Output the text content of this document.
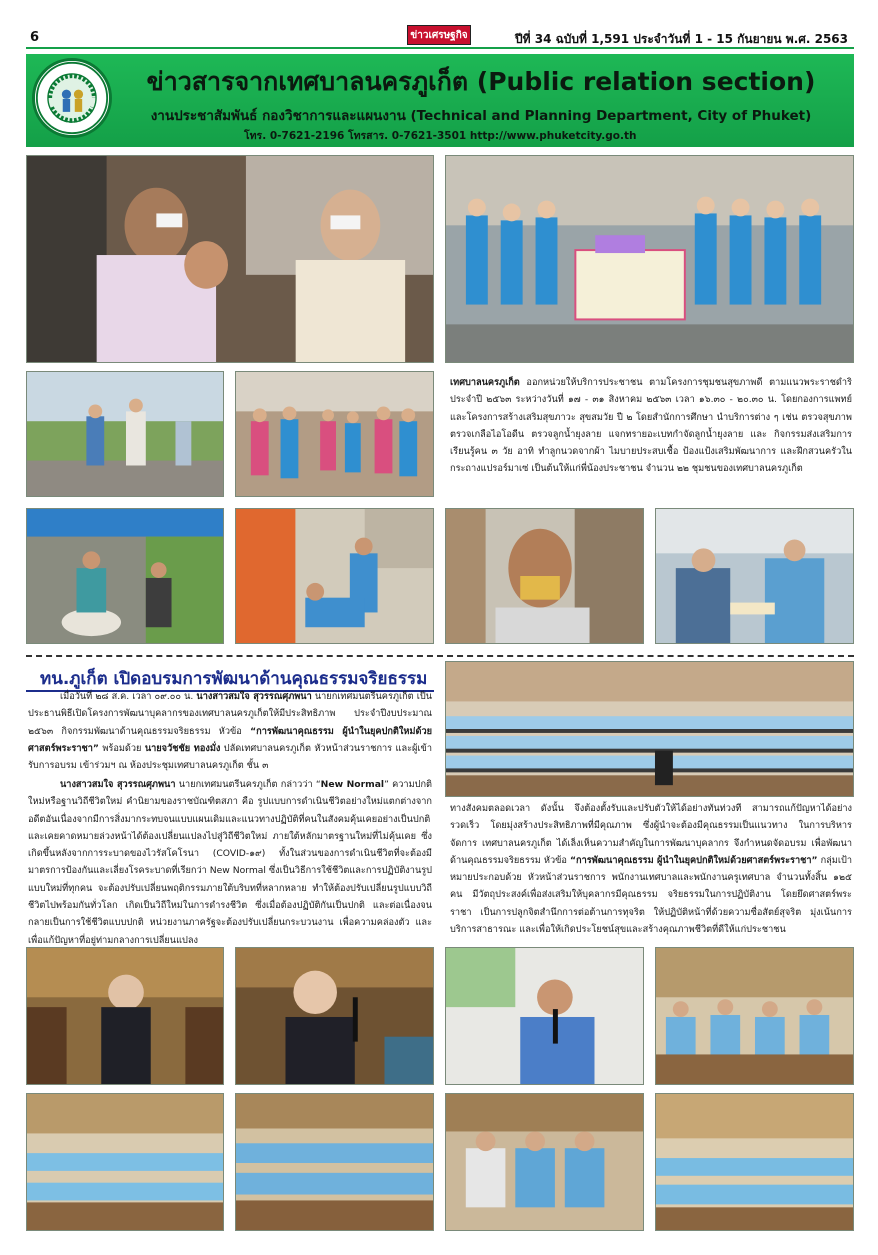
6	ข่าวเศรษฐกิจ	ปีที่ 34 ฉบับที่ 1,591 ประจำวันที่ 1 - 15 กันยายน พ.ศ. 2563
ข่าวสารจากเทศบาลนครภูเก็ต (Public relation section)
งานประชาสัมพันธ์ กองวิชาการและแผนงาน (Technical and Planning Department, City of Phuket)
โทร. 0-7621-2196 โทรสาร. 0-7621-3501 http://www.phuketcity.go.th
เทศบาลนครภูเก็ต ออกหน่วยให้บริการประชาชน ตามโครงการชุมชนสุขภาพดี ตามแนวพระราชดำริ ประจำปี ๒๕๖๓ ระหว่างวันที่ ๑๗ - ๓๑ สิงหาคม ๒๕๖๓ เวลา ๑๖.๓๐ - ๒๐.๓๐ น. โดยกองการแพทย์ และโครงการสร้างเสริมสุขภาวะ สุขสมวัย ปี ๒ โดยสำนักการศึกษา นำบริการต่าง ๆ เช่น ตรวจสุขภาพ ตรวจเกลือไอโอดีน ตรวจลูกน้ำยุงลาย แจกทรายอะเบทกำจัดลูกน้ำยุงลาย และ กิจกรรมส่งเสริมการเรียนรู้คน ๓ วัย อาทิ ทำลูกนวดจากผ้า ไมบายประสบเชื้อ ป้องแป้งเสริมพัฒนาการ และฝึกสวนครัวในกระถางแปรอร์มาเซ่ เป็นต้นให้แก่พี่น้องประชาชน จำนวน ๒๒ ชุมชนของเทศบาลนครภูเก็ต
ทน.ภูเก็ต เปิดอบรมการพัฒนาด้านคุณธรรมจริยธรรม
เมื่อวันที่ ๒๘ ส.ค. เวลา ๐๙.๐๐ น. นางสาวสมใจ สุวรรณศุภพนา นายกเทศมนตรีนครภูเก็ต เป็นประธานพิธีเปิดโครงการพัฒนาบุคลากรของเทศบาลนครภูเก็ตให้มีประสิทธิภาพ ประจำปีงบประมาณ ๒๕๖๓ กิจกรรมพัฒนาด้านคุณธรรมจริยธรรม หัวข้อ “การพัฒนาคุณธรรม ผู้นำในยุคปกติใหม่ด้วยศาสตร์พระราชา” พร้อมด้วย นายจวัชชัย ทองมั่ง ปลัดเทศบาลนครภูเก็ต หัวหน้าส่วนราชการ และผู้เข้ารับการอบรม เข้าร่วมฯ ณ ห้องประชุมเทศบาลนครภูเก็ต ชั้น ๓
นางสาวสมใจ สุวรรณศุภพนา นายกเทศมนตรีนครภูเก็ต กล่าวว่า “New Normal” ความปกติใหม่หรือฐานวิถีชีวิตใหม่ คำนิยามของราชบัณฑิตสภา คือ รูปแบบการดำเนินชีวิตอย่างใหม่แตกต่างจากอดีตอันเนื่องจากมีการสิ่งมากระทบจนแบบแผนเดิมและแนวทางปฏิบัติที่คนในสังคมคุ้นเคยอย่างเป็นปกติ และเคยคาดหมายล่วงหน้าได้ต้องเปลี่ยนแปลงไปสู่วิถีชีวิตใหม่ ภายใต้หลักมาตรฐานใหม่ที่ไม่คุ้นเคย ซึ่งเกิดขึ้นหลังจากการระบาดของไวรัสโคโรนา (COVID-๑๙) ทั้งในส่วนของการดำเนินชีวิตที่จะต้องมีมาตรการป้องกันและเลี่ยงโรคระบาดที่เรียกว่า New Normal ซึ่งเป็นวิธีการใช้ชีวิตและการปฏิบัติงานรูปแบบใหม่ที่ทุกคน จะต้องปรับเปลี่ยนพฤติกรรมภายใต้บริบทที่หลากหลาย ทำให้ต้องปรับเปลี่ยนรูปแบบวิถีชีวิตไปพร้อมกันทั่วโลก เกิดเป็นวิถีใหม่ในการดำรงชีวิต ซึ่งเมื่อต้องปฏิบัติกันเป็นปกติ และต่อเนื่องจนกลายเป็นการใช้ชีวิตแบบปกติ หน่วยงานภาครัฐจะต้องปรับเปลี่ยนกระบวนงาน เพื่อความคล่องตัว และเพื่อแก้ปัญหาที่อยู่ท่ามกลางการเปลี่ยนแปลง
ทางสังคมตลอดเวลา ดังนั้น จึงต้องตั้งรับและปรับตัวให้ได้อย่างทันท่วงที สามารถแก้ปัญหาได้อย่างรวดเร็ว โดยมุ่งสร้างประสิทธิภาพที่มีคุณภาพ ซึ่งผู้นำจะต้องมีคุณธรรมเป็นแนวทาง ในการบริหารจัดการ เทศบาลนครภูเก็ต ได้เล็งเห็นความสำคัญในการพัฒนาบุคลากร จึงกำหนดจัดอบรม เพื่อพัฒนาด้านคุณธรรมจริยธรรม หัวข้อ “การพัฒนาคุณธรรม ผู้นำในยุคปกติใหม่ด้วยศาสตร์พระราชา” กลุ่มเป้าหมายประกอบด้วย หัวหน้าส่วนราชการ พนักงานเทศบาลและพนักงานครูเทศบาล จำนวนทั้งสิ้น ๑๒๕ คน มีวัตถุประสงค์เพื่อส่งเสริมให้บุคลากรมีคุณธรรม จริยธรรมในการปฏิบัติงาน โดยยึดศาสตร์พระราชา เป็นการปลูกจิตสำนึกการต่อต้านการทุจริต ให้ปฏิบัติหน้าที่ด้วยความซื่อสัตย์สุจริต มุ่งเน้นการบริการสาธารณะ และเพื่อให้เกิดประโยชน์สุขและสร้างคุณภาพชีวิตที่ดีให้แก่ประชาชน
